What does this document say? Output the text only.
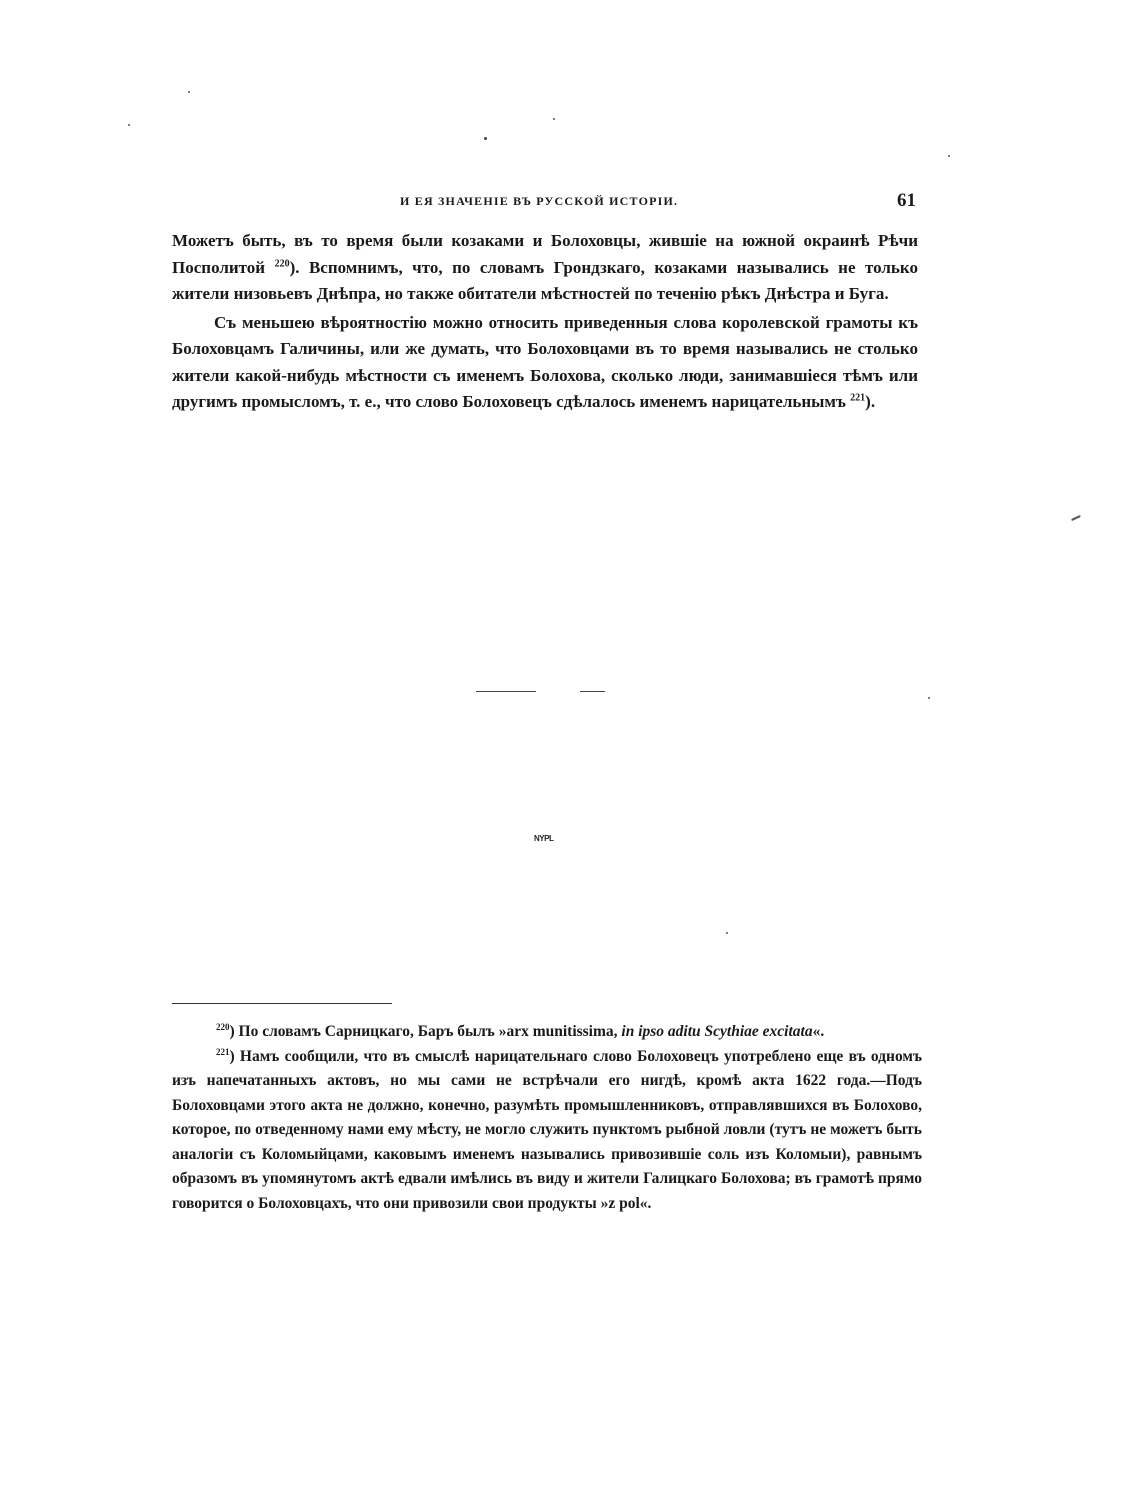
И ЕЯ ЗНАЧЕНІЕ ВЪ РУССКОЙ ИСТОРІИ.	61

Можетъ быть, въ то время были козаками и Болоховцы, жившіе на южной окраинѣ Рѣчи Посполитой $^{220}$). Вспомнимъ, что, по словамъ Грондзкаго, козаками назывались не только жители низовьевъ Днѣпра, но также обитатели мѣстностей по теченію рѣкъ Днѣстра и Буга.

Съ меньшею вѣроятностію можно относить приведенныя слова королевской грамоты къ Болоховцамъ Галичины, или же думать, что Болоховцами въ то время назывались не столько жители какой-нибудь мѣстности съ именемъ Болохова, сколько люди, занимавшіеся тѣмъ или другимъ промысломъ, т. е., что слово Болоховецъ сдѣлалось именемъ нарицательнымъ $^{221}$).

NYPL

$^{220}$) По словамъ Сарницкаго, Баръ былъ »arx munitissima, in ipso aditu Scythiae excitata«.

$^{221}$) Намъ сообщили, что въ смыслѣ нарицательнаго слово Болоховецъ употреблено еще въ одномъ изъ напечатанныхъ актовъ, но мы сами не встрѣчали его нигдѣ, кромѣ акта 1622 года.—Подъ Болоховцами этого акта не должно, конечно, разумѣть промышленниковъ, отправлявшихся въ Болохово, которое, по отведенному нами ему мѣсту, не могло служить пунктомъ рыбной ловли (тутъ не можетъ быть аналогіи съ Коломыйцами, каковымъ именемъ назывались привозившіе соль изъ Коломыи), равнымъ образомъ въ упомянутомъ актѣ едвали имѣлись въ виду и жители Галицкаго Болохова; въ грамотѣ прямо говорится о Болоховцахъ, что они привозили свои продукты »z pol«.
